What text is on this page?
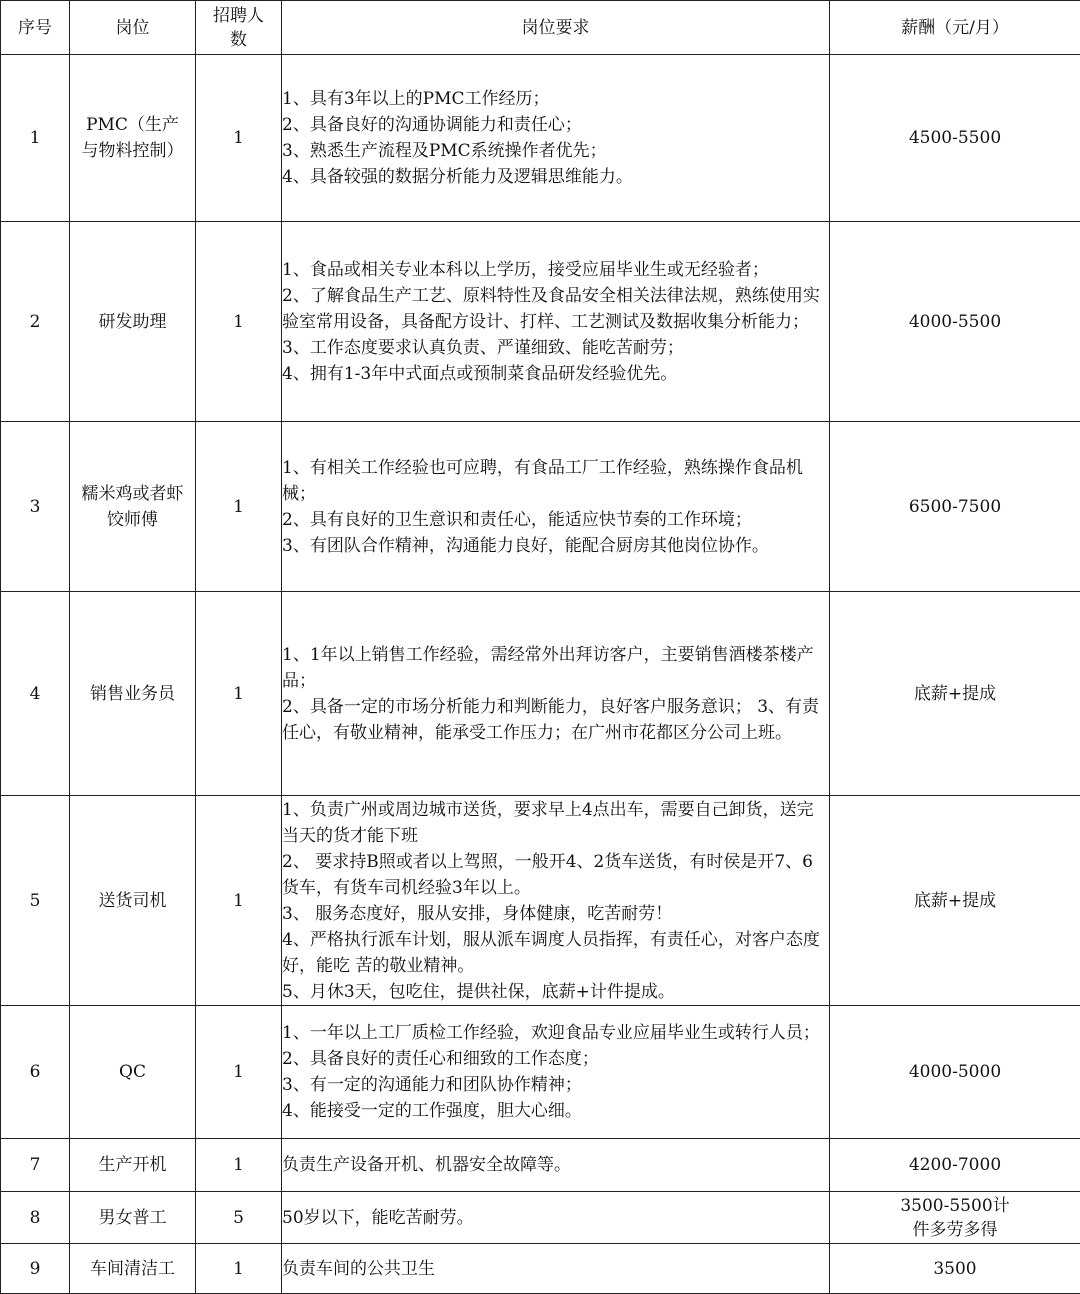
序号	岗位	招聘人数	岗位要求	薪酬（元/月）
1	PMC（生产与物料控制）	1	1、具有3年以上的PMC工作经历；
2、具备良好的沟通协调能力和责任心；
3、熟悉生产流程及PMC系统操作者优先；
4、具备较强的数据分析能力及逻辑思维能力。	4500-5500
2	研发助理	1	1、食品或相关专业本科以上学历，接受应届毕业生或无经验者；
2、了解食品生产工艺、原料特性及食品安全相关法律法规，熟练使用实验室常用设备，具备配方设计、打样、工艺测试及数据收集分析能力；
3、工作态度要求认真负责、严谨细致、能吃苦耐劳；
4、拥有1-3年中式面点或预制菜食品研发经验优先。	4000-5500
3	糯米鸡或者虾饺师傅	1	1、有相关工作经验也可应聘，有食品工厂工作经验，熟练操作食品机械；
2、具有良好的卫生意识和责任心，能适应快节奏的工作环境；
3、有团队合作精神，沟通能力良好，能配合厨房其他岗位协作。	6500-7500
4	销售业务员	1	1、1年以上销售工作经验，需经常外出拜访客户，主要销售酒楼茶楼产品；
2、具备一定的市场分析能力和判断能力，良好客户服务意识； 3、有责任心，有敬业精神，能承受工作压力；在广州市花都区分公司上班。	底薪+提成
5	送货司机	1	1、负责广州或周边城市送货，要求早上4点出车，需要自己卸货，送完当天的货才能下班
2、 要求持B照或者以上驾照，一般开4、2货车送货，有时侯是开7、6货车，有货车司机经验3年以上。
3、 服务态度好，服从安排，身体健康，吃苦耐劳！
4、严格执行派车计划，服从派车调度人员指挥，有责任心，对客户态度好，能吃 苦的敬业精神。
5、月休3天，包吃住，提供社保，底薪+计件提成。	底薪+提成
6	QC	1	1、一年以上工厂质检工作经验，欢迎食品专业应届毕业生或转行人员；
2、具备良好的责任心和细致的工作态度；
3、有一定的沟通能力和团队协作精神；
4、能接受一定的工作强度，胆大心细。	4000-5000
7	生产开机	1	负责生产设备开机、机器安全故障等。	4200-7000
8	男女普工	5	50岁以下，能吃苦耐劳。	3500-5500计件多劳多得
9	车间清洁工	1	负责车间的公共卫生	3500
